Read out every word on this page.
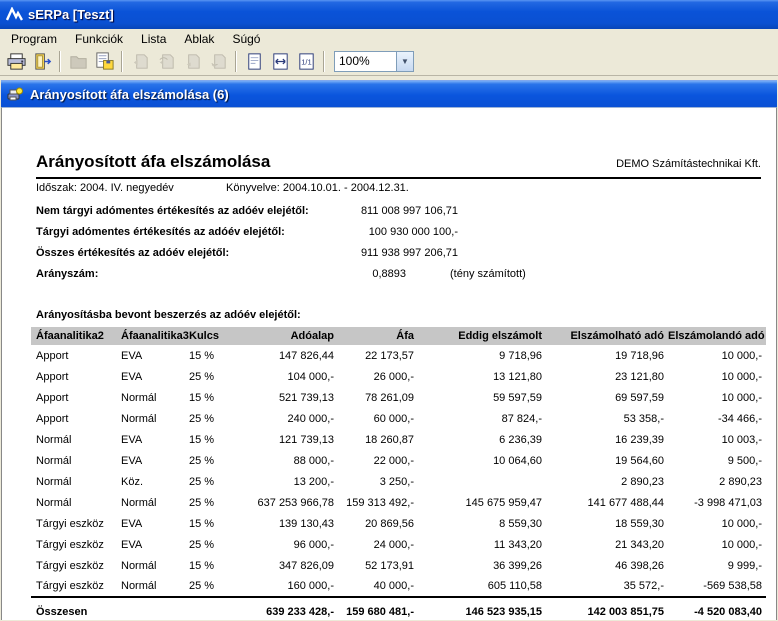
sERPa [Teszt]
Program	Funkciók	Lista	Ablak	Súgó
1/1	100%	▼
Arányosított áfa elszámolása (6)
Arányosított áfa elszámolása	DEMO Számítástechnikai Kft.
Időszak: 2004. IV. negyedév	Könyvelve: 2004.10.01. - 2004.12.31.
Nem tárgyi adómentes értékesítés az adóév elejétől:	811 008 997 106,71
Tárgyi adómentes értékesítés az adóév elejétől:	100 930 000 100,-
Összes értékesítés az adóév elejétől:	911 938 997 206,71
Arányszám:	0,8893	(tény számított)
Arányosításba bevont beszerzés az adóév elejétől:
Áfaanalitika2	Áfaanalitika3	Kulcs	Adóalap	Áfa	Eddig elszámolt	Elszámolható adó	Elszámolandó adó
Apport	EVA	15 %	147 826,44	22 173,57	9 718,96	19 718,96	10 000,-
Apport	EVA	25 %	104 000,-	26 000,-	13 121,80	23 121,80	10 000,-
Apport	Normál	15 %	521 739,13	78 261,09	59 597,59	69 597,59	10 000,-
Apport	Normál	25 %	240 000,-	60 000,-	87 824,-	53 358,-	-34 466,-
Normál	EVA	15 %	121 739,13	18 260,87	6 236,39	16 239,39	10 003,-
Normál	EVA	25 %	88 000,-	22 000,-	10 064,60	19 564,60	9 500,-
Normál	Köz.	25 %	13 200,-	3 250,-		2 890,23	2 890,23
Normál	Normál	25 %	637 253 966,78	159 313 492,-	145 675 959,47	141 677 488,44	-3 998 471,03
Tárgyi eszköz	EVA	15 %	139 130,43	20 869,56	8 559,30	18 559,30	10 000,-
Tárgyi eszköz	EVA	25 %	96 000,-	24 000,-	11 343,20	21 343,20	10 000,-
Tárgyi eszköz	Normál	15 %	347 826,09	52 173,91	36 399,26	46 398,26	9 999,-
Tárgyi eszköz	Normál	25 %	160 000,-	40 000,-	605 110,58	35 572,-	-569 538,58
Összesen			639 233 428,-	159 680 481,-	146 523 935,15	142 003 851,75	-4 520 083,40
